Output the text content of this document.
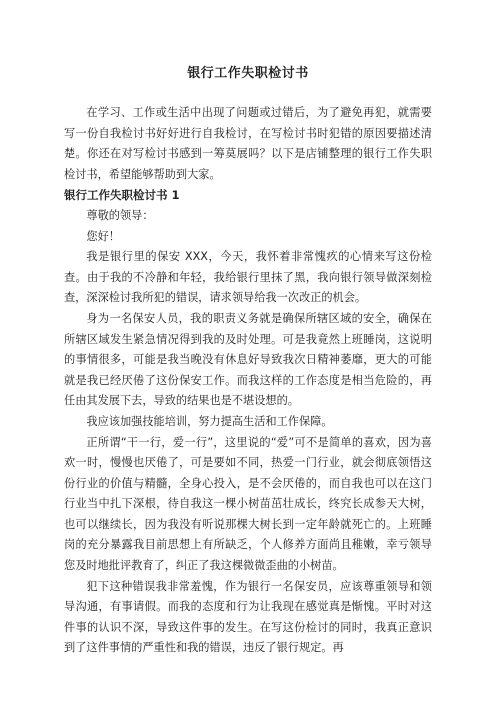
银行工作失职检讨书

在学习、工作或生活中出现了问题或过错后，为了避免再犯，就需要写一份自我检讨书好好进行自我检讨，在写检讨书时犯错的原因要描述清楚。你还在对写检讨书感到一筹莫展吗？以下是店铺整理的银行工作失职检讨书，希望能够帮助到大家。

银行工作失职检讨书 1

尊敬的领导：

您好！

我是银行里的保安 XXX，今天，我怀着非常愧疚的心情来写这份检查。由于我的不冷静和年轻，我给银行里抹了黑，我向银行领导做深刻检查，深深检讨我所犯的错误，请求领导给我一次改正的机会。

身为一名保安人员，我的职责义务就是确保所辖区域的安全，确保在所辖区域发生紧急情况得到我的及时处理。可是我竟然上班睡岗，这说明的事情很多，可能是我当晚没有休息好导致我次日精神萎靡，更大的可能就是我已经厌倦了这份保安工作。而我这样的工作态度是相当危险的，再任由其发展下去，导致的结果也是不堪设想的。

我应该加强技能培训，努力提高生活和工作保障。

正所谓“干一行，爱一行”，这里说的“爱”可不是简单的喜欢，因为喜欢一时，慢慢也厌倦了，可是要如不同，热爱一门行业，就会彻底领悟这份行业的价值与精髓，全身心投入，是不会厌倦的，而自我也可以在这门行业当中扎下深根，待自我这一棵小树苗茁壮成长，终究长成参天大树，也可以继续长，因为我没有听说那棵大树长到一定年龄就死亡的。上班睡岗的充分暴露我目前思想上有所缺乏，个人修养方面尚且稚嫩，幸亏领导您及时地批评教育了，纠正了我这棵微微歪曲的小树苗。

犯下这种错误我非常羞愧，作为银行一名保安员，应该尊重领导和领导沟通，有事请假。而我的态度和行为让我现在感觉真是惭愧。平时对这件事的认识不深，导致这件事的发生。在写这份检讨的同时，我真正意识到了这件事情的严重性和我的错误，违反了银行规定。再
